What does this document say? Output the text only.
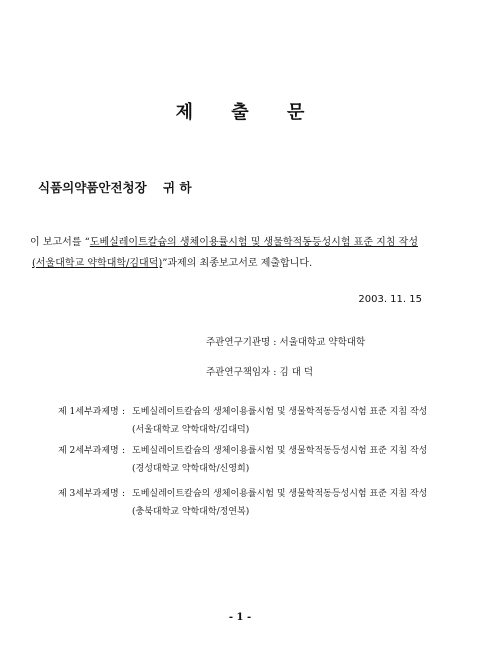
제 출 문
식품의약품안전청장 귀 하
이 보고서를 “도베실레이트칼슘의 생체이용률시험 및 생물학적동등성시험 표준 지침 작성
(서울대학교 약학대학/김대덕)”과제의 최종보고서로 제출합니다.
2003. 11. 15
주관연구기관명 : 서울대학교 약학대학
주관연구책임자 : 김 대 덕
제 1세부과제명 : 도베실레이트칼슘의 생체이용률시험 및 생물학적동등성시험 표준 지침 작성
(서울대학교 약학대학/김대덕)
제 2세부과제명 : 도베실레이트칼슘의 생체이용률시험 및 생물학적동등성시험 표준 지침 작성
(경성대학교 약학대학/신영희)
제 3세부과제명 : 도베실레이트칼슘의 생체이용률시험 및 생물학적동등성시험 표준 지침 작성
(충북대학교 약학대학/정연복)
- 1 -
